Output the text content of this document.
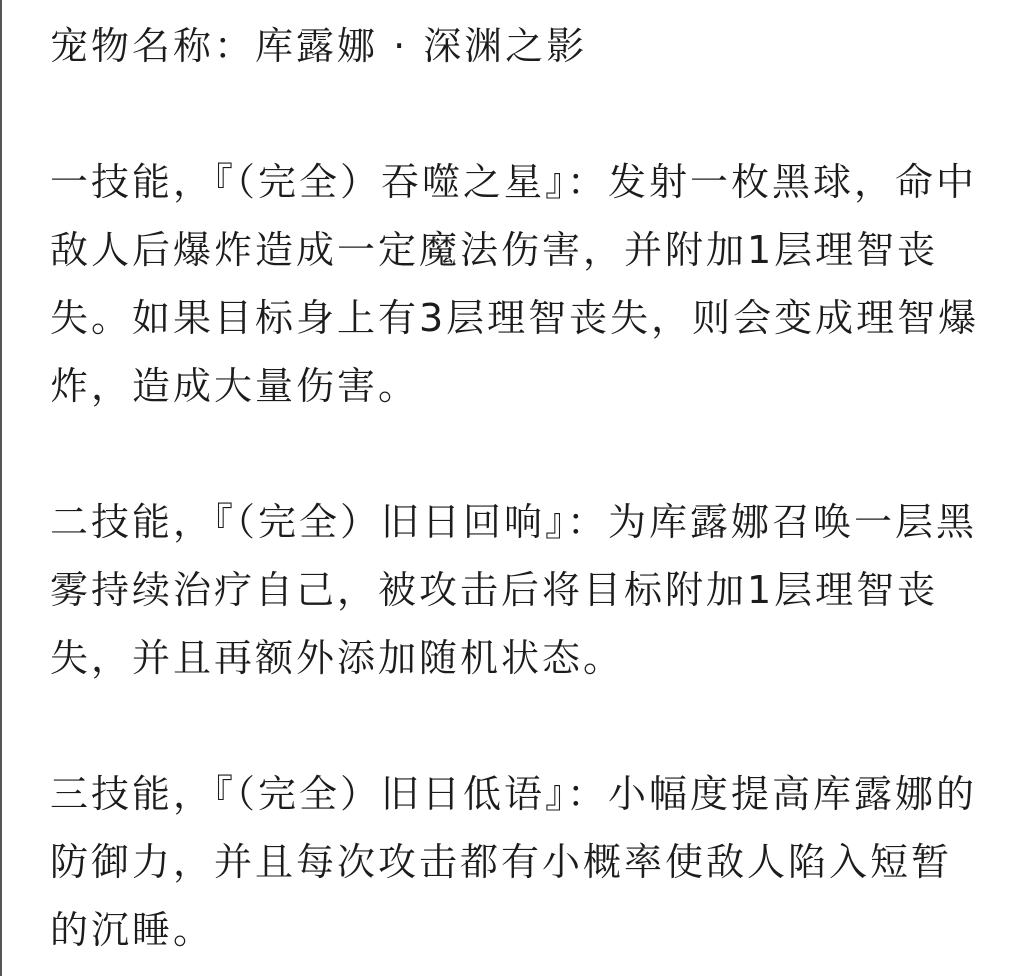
宠物名称：库露娜 · 深渊之影

一技能，『（完全）吞噬之星』：发射一枚黑球，命中敌人后爆炸造成一定魔法伤害，并附加1层理智丧失。如果目标身上有3层理智丧失，则会变成理智爆炸，造成大量伤害。

二技能，『（完全）旧日回响』：为库露娜召唤一层黑雾持续治疗自己，被攻击后将目标附加1层理智丧失，并且再额外添加随机状态。

三技能，『（完全）旧日低语』：小幅度提高库露娜的防御力，并且每次攻击都有小概率使敌人陷入短暂的沉睡。
